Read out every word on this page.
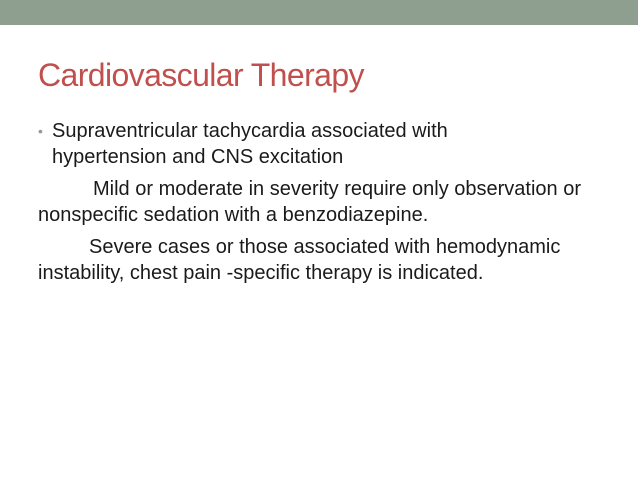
Cardiovascular Therapy
• Supraventricular tachycardia associated with
hypertension and CNS excitation

Mild or moderate in severity require only observation or nonspecific sedation with a benzodiazepine.

Severe cases or those associated with hemodynamic instability, chest pain -specific therapy is indicated.
